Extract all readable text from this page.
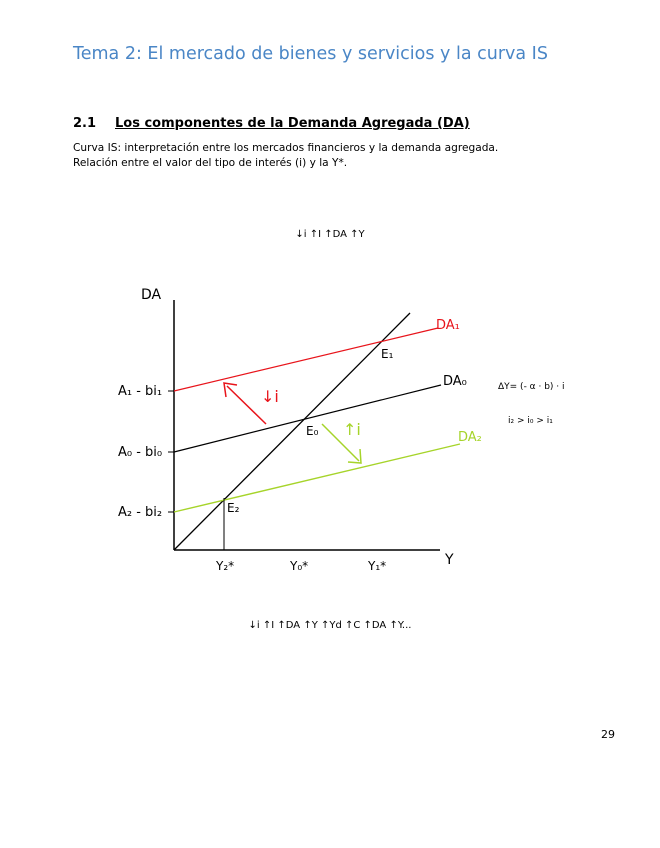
Tema 2: El mercado de bienes y servicios y la curva IS
2.1 Los componentes de la Demanda Agregada (DA)
Curva IS: interpretación entre los mercados financieros y la demanda agregada.
Relación entre el valor del tipo de interés (i) y la Y*.
↓i ↑I ↑DA ↑Y
DA
Y
A₁ - bi₁
A₀ - bi₀
A₂ - bi₂
DA₁
DA₀
DA₂
E₁
E₀
E₂
Y₂*	Y₀*	Y₁*
↓i
↑i
ΔY= (- α · b) · i
i₂ > i₀ > i₁
↓i ↑I ↑DA ↑Y ↑Yd ↑C ↑DA ↑Y...
29
